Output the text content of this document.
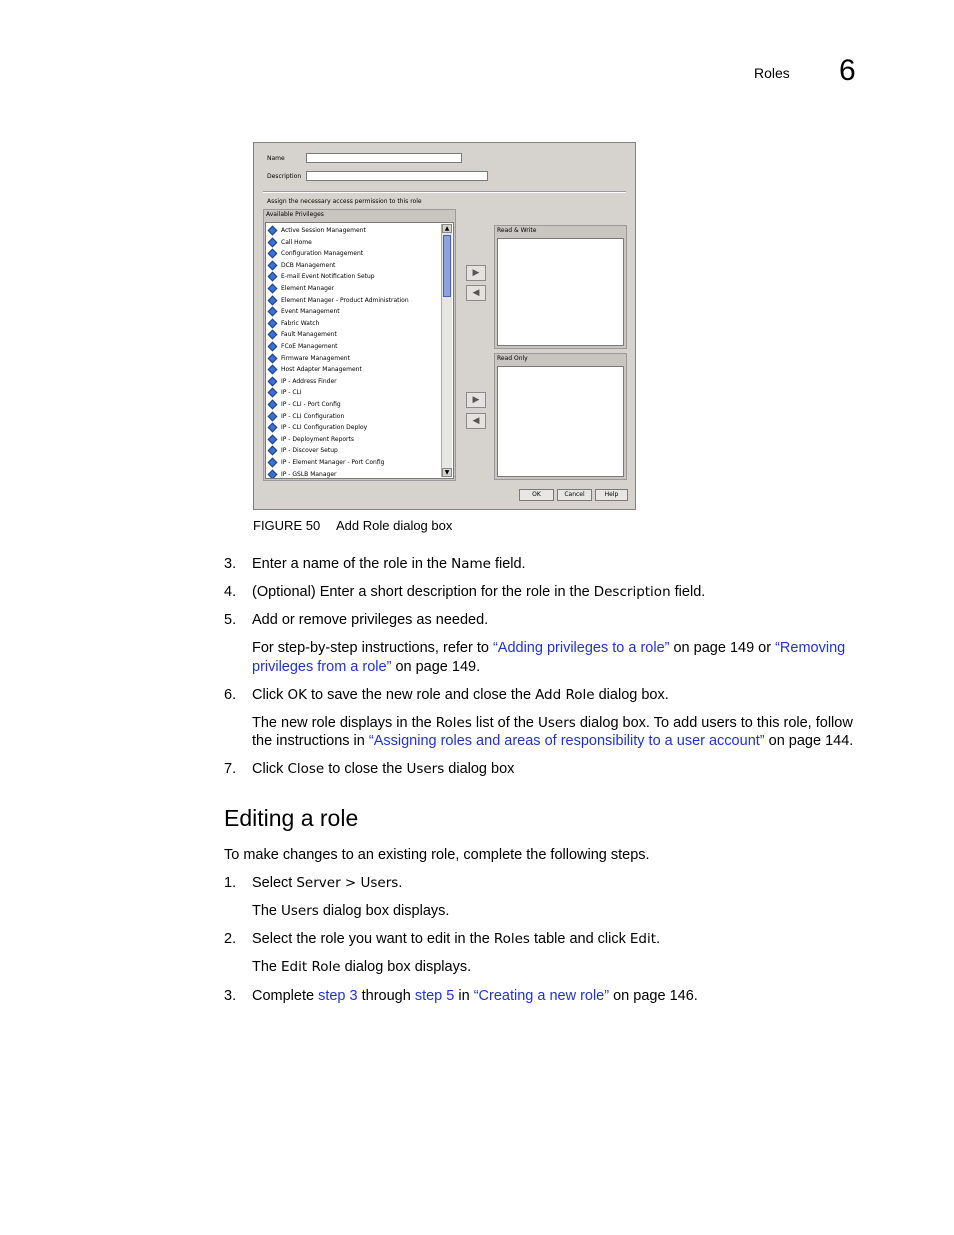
Roles 6
Name
Description
Assign the necessary access permission to this role
Available Privileges
Active Session Management
Call Home
Configuration Management
DCB Management
E-mail Event Notification Setup
Element Manager
Element Manager - Product Administration
Event Management
Fabric Watch
Fault Management
FCoE Management
Firmware Management
Host Adapter Management
IP - Address Finder
IP - CLI
IP - CLI - Port Config
IP - CLI Configuration
IP - CLI Configuration Deploy
IP - Deployment Reports
IP - Discover Setup
IP - Element Manager - Port Config
IP - GSLB Manager
▲
▼
▶
◀
▶
◀
Read & Write
Read Only
OK	Cancel	Help
FIGURE 50 Add Role dialog box
3. Enter a name of the role in the Name field.
4. (Optional) Enter a short description for the role in the Description field.
5. Add or remove privileges as needed.
For step-by-step instructions, refer to “Adding privileges to a role” on page 149 or “Removing
privileges from a role” on page 149.
6. Click OK to save the new role and close the Add Role dialog box.
The new role displays in the Roles list of the Users dialog box. To add users to this role, follow
the instructions in “Assigning roles and areas of responsibility to a user account” on page 144.
7. Click Close to close the Users dialog box
Editing a role
To make changes to an existing role, complete the following steps.
1. Select Server > Users.
The Users dialog box displays.
2. Select the role you want to edit in the Roles table and click Edit.
The Edit Role dialog box displays.
3. Complete step 3 through step 5 in “Creating a new role” on page 146.
